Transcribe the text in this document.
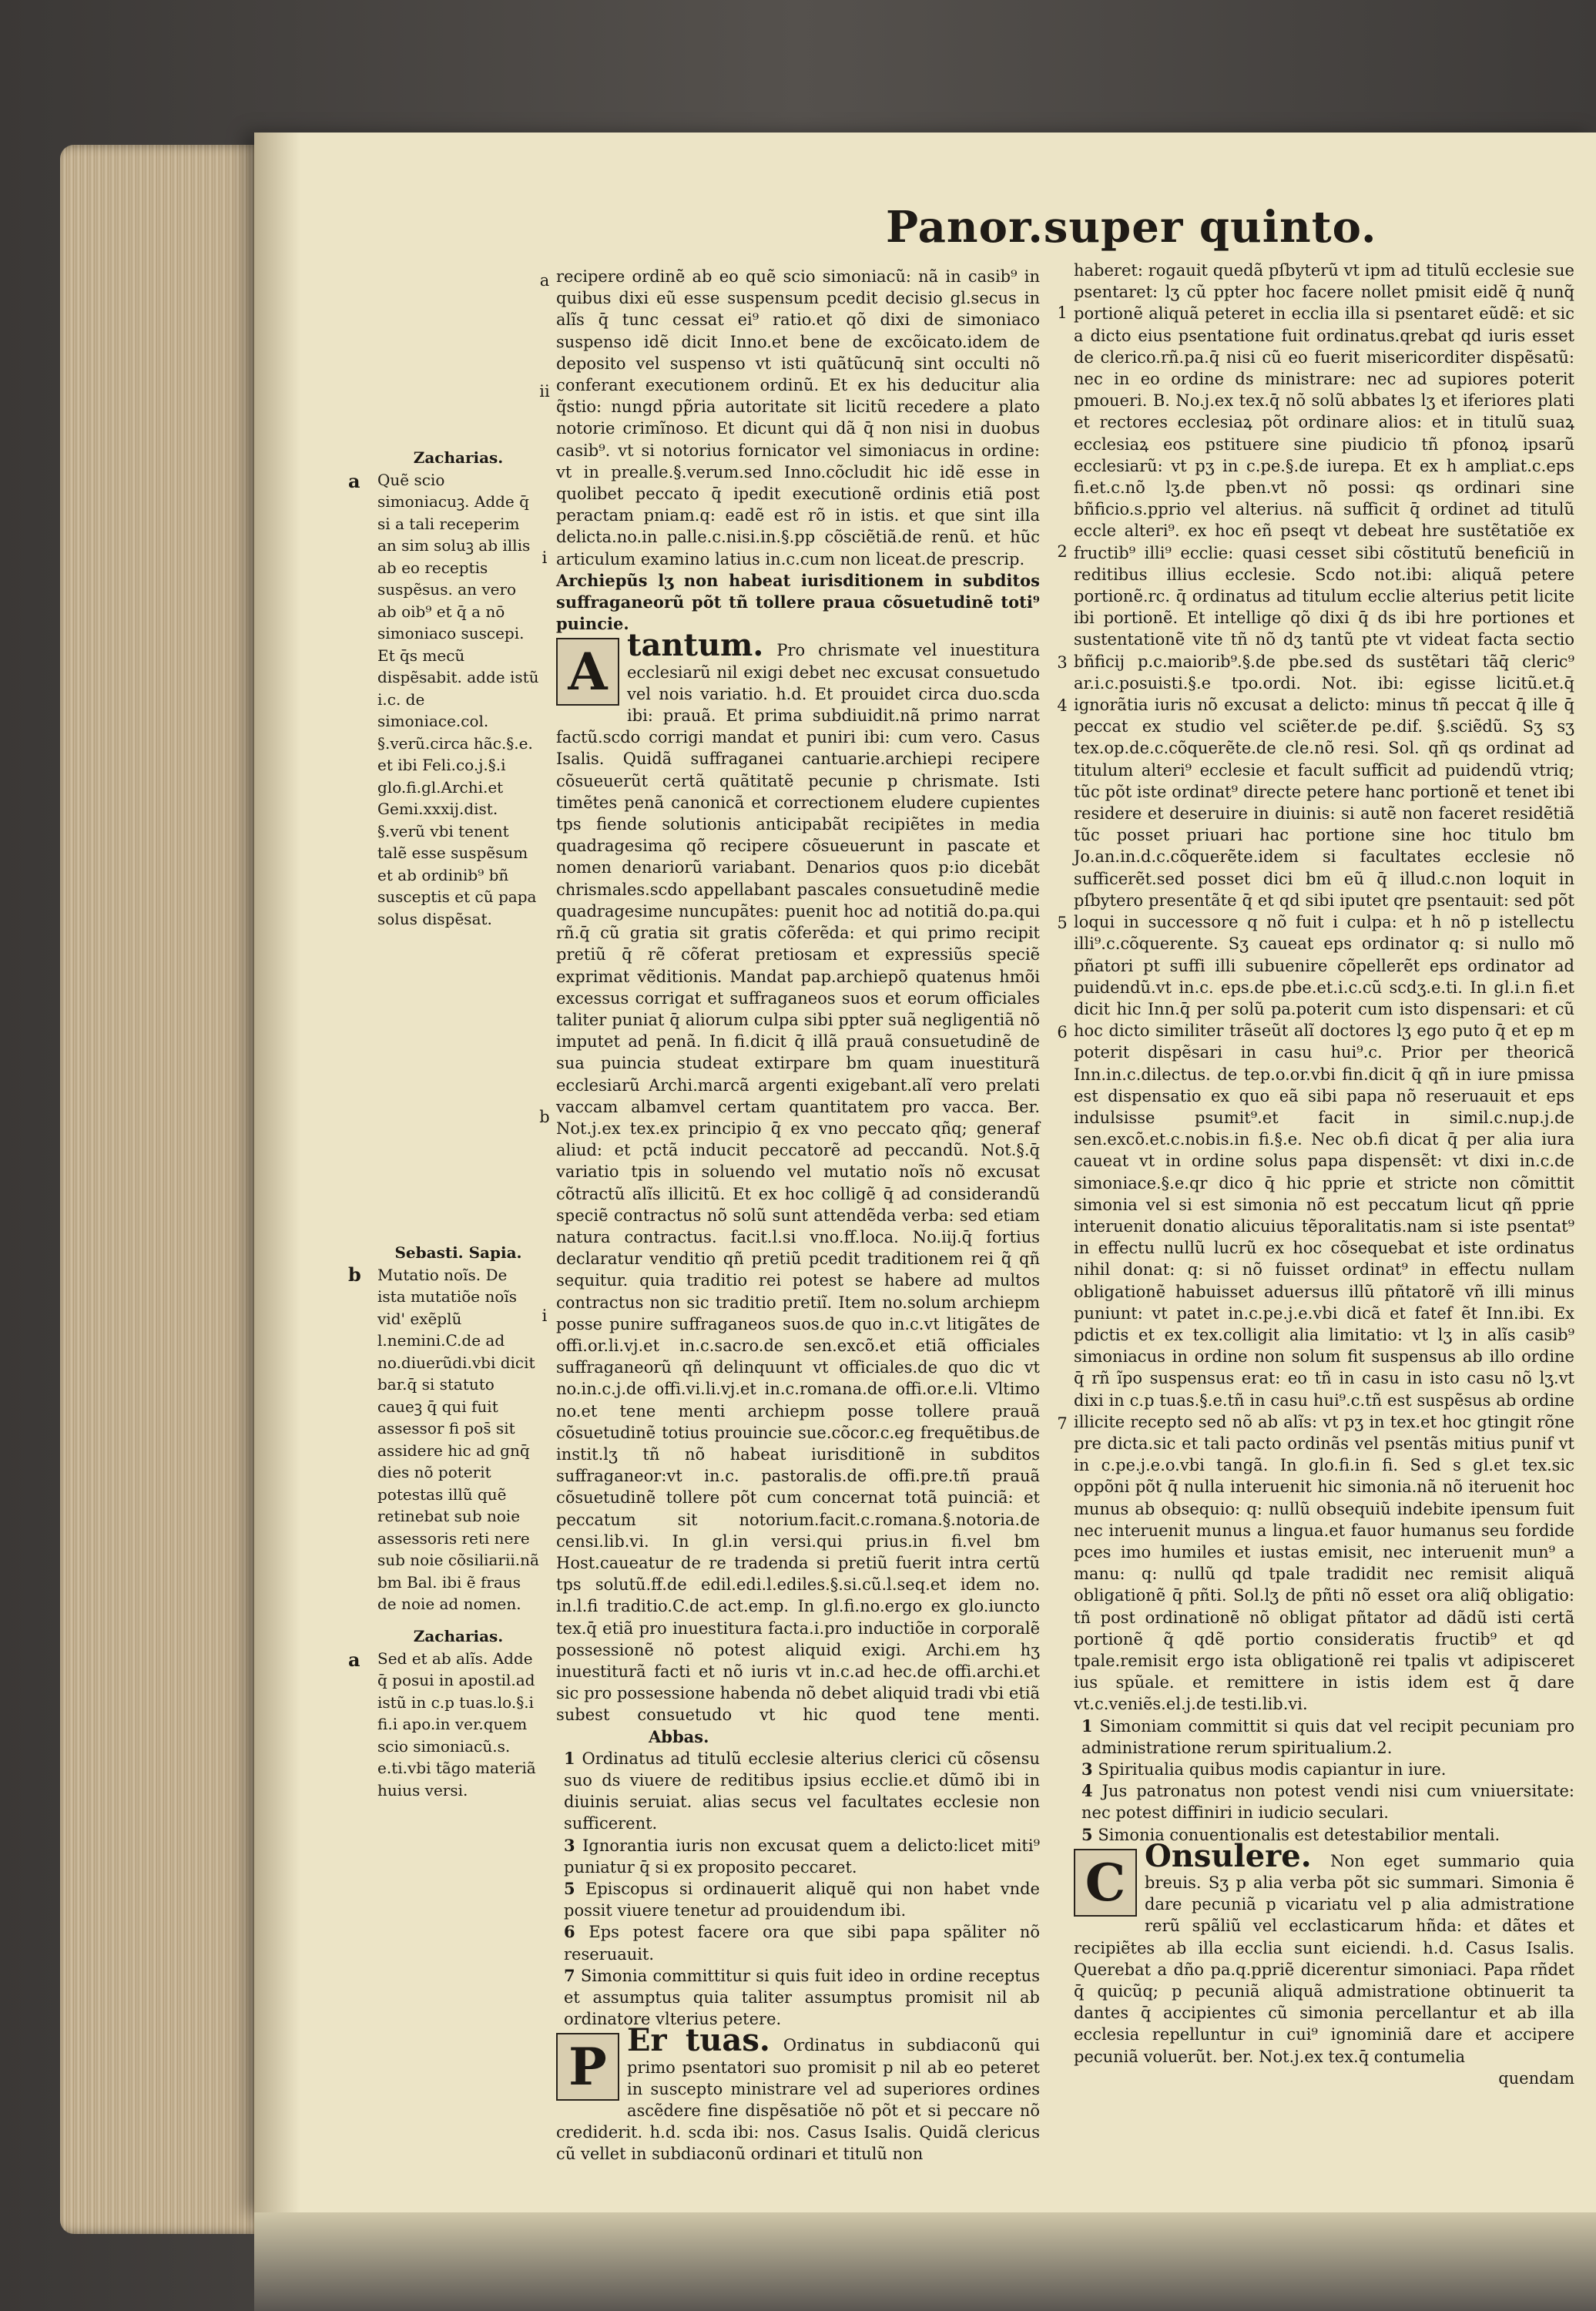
Panor.super quinto.
Zacharias.
Quẽ scio simoniacuꝫ. Adde q̄ si a tali receperim an sim soluꝫ ab illis ab eo receptis suspẽsus. an vero ab oib⁹ et q̄ a nō simoniaco suscepi. Et q̄s mecũ dispẽsabit. adde istũ i.c. de simoniace.col. §.verũ.circa hãc.§.e. et ibi Feli.co.j.§.i glo.fi.gl.Archi.et Gemi.xxxij.dist. §.verũ vbi tenent talẽ esse suspẽsum et ab ordinib⁹ bñ susceptis et cũ papa solus dispẽsat.
a
Sebasti. Sapia.
Mutatio noĩs. De ista mutatiõe noĩs vid' exẽplũ l.nemini.C.de ad no.diuerũdi.vbi dicit bar.q̄ si statuto caueꝫ q̄ qui fuit assessor fi pos̄ sit assidere hic ad gnq̄ dies nõ poterit potestas illũ quẽ retinebat sub noie assessoris reti nere sub noie cõsiliarii.nã bm Bal. ibi ẽ fraus de noie ad nomen.
b
Zacharias.
Sed et ab alĩs. Adde q̄ posui in apostil.ad istũ in c.p tuas.lo.§.i fi.i apo.in ver.quem scio simoniacũ.s. e.ti.vbi tãgo materiã huius versi.
a
a
ii
i
b
i

recipere ordinẽ ab eo quẽ scio simoniacũ: nã in casib⁹ in quibus dixi eũ esse suspensum pcedit decisio gl.secus in alĩs q̄ tunc cessat ei⁹ ratio.et qõ dixi de simoniaco suspenso idẽ dicit Inno.et bene de excõicato.idem de deposito vel suspenso vt isti quãtũcunq̄ sint occulti nõ conferant executionem ordinũ. Et ex his deducitur alia q̃stio: nungd pp̃ria autoritate sit licitũ recedere a plato notorie crimĩnoso. Et dicunt qui dã q̄ non nisi in duobus casib⁹. vt si notorius fornicator vel simoniacus in ordine: vt in prealle.§.verum.sed Inno.cõcludit hic idẽ esse in quolibet peccato q̄ ipedit executionẽ ordinis etiã post peractam pniam.q: eadẽ est rõ in istis. et que sint illa delicta.no.in palle.c.nisi.in.§.pp cõsciẽtiã.de renũ. et hũc articulum examino latius in.c.cum non liceat.de prescrip.

Archiepũs lʒ non habeat iurisditionem in subditos suffraganeorũ põt tñ tollere praua cõsuetudinẽ toti⁹ puincie.

A tantum. Pro chrismate vel inuestitura ecclesiarũ nil exigi debet nec excusat consuetudo vel nois variatio. h.d. Et prouidet circa duo.scda ibi: prauã. Et prima subdiuidit.nã primo narrat factũ.scdo corrigi mandat et puniri ibi: cum vero. Casus Isalis. Quidã suffraganei cantuarie.archiepi recipere cõsueuerũt certã quãtitatẽ pecunie p chrismate. Isti timẽtes penã canonicã et correctionem eludere cupientes tps fiende solutionis anticipabãt recipiẽtes in media quadragesima qõ recipere cõsueuerunt in pascate et nomen denariorũ variabant. Denarios quos p:io dicebãt chrismales.scdo appellabant pascales consuetudinẽ medie quadragesime nuncupãtes: puenit hoc ad notitiã do.pa.qui rñ.q̄ cũ gratia sit gratis cõferẽda: et qui primo recipit pretiũ q̄ rẽ cõferat pretiosam et expressiũs speciẽ exprimat vẽditionis. Mandat pap.archiepõ quatenus hmõi excessus corrigat et suffraganeos suos et eorum officiales taliter puniat q̄ aliorum culpa sibi ppter suã negligentiã nõ imputet ad penã. In fi.dicit q̄ illã prauã consuetudinẽ de sua puincia studeat extirpare bm quam inuestiturã ecclesiarũ Archi.marcã argenti exigebant.alĩ vero prelati vaccam albamvel certam quantitatem pro vacca. Ber. Not.j.ex tex.ex principio q̄ ex vno peccato qñq; generaf aliud: et pctã inducit peccatorẽ ad peccandũ. Not.§.q̄ variatio tpis in soluendo vel mutatio noĩs nõ excusat cõtractũ alĩs illicitũ. Et ex hoc colligẽ q̄ ad considerandũ speciẽ contractus nõ solũ sunt attendẽda verba: sed etiam natura contractus. facit.l.si vno.ff.loca. No.iij.q̄ fortius declaratur venditio qñ pretiũ pcedit traditionem rei q̃ qñ sequitur. quia traditio rei potest se habere ad multos contractus non sic traditio pretiĩ. Item no.solum archiepm posse punire suffraganeos suos.de quo in.c.vt litigãtes de offi.or.li.vj.et in.c.sacro.de sen.excõ.et etiã officiales suffraganeorũ qñ delinquunt vt officiales.de quo dic vt no.in.c.j.de offi.vi.li.vj.et in.c.romana.de offi.or.e.li. Vltimo no.et tene menti archiepm posse tollere prauã cõsuetudinẽ totius prouincie sue.cõcor.c.eg frequẽtibus.de instit.lʒ tñ nõ habeat iurisditionẽ in subditos suffraganeor:vt in.c. pastoralis.de offi.pre.tñ prauã cõsuetudinẽ tollere põt cum concernat totã puinciã: et peccatum sit notorium.facit.c.romana.§.notoria.de censi.lib.vi. In gl.in versi.qui prius.in fi.vel bm Host.caueatur de re tradenda si pretiũ fuerit intra certũ tps solutũ.ff.de edil.edi.l.ediles.§.si.cũ.l.seq.et idem no. in.l.fi traditio.C.de act.emp. In gl.fi.no.ergo ex glo.iuncto tex.q̄ etiã pro inuestitura facta.i.pro inductiõe in corporalẽ possessionẽ nõ potest aliquid exigi. Archi.em hʒ inuestiturã facti et nõ iuris vt in.c.ad hec.de offi.archi.et sic pro possessione habenda nõ debet aliquid tradi vbi etiã subest consuetudo vt hic quod tene menti. Abbas.

1 Ordinatus ad titulũ ecclesie alterius clerici cũ cõsensu suo ds viuere de reditibus ipsius ecclie.et dũmõ ibi in diuinis seruiat. alias secus vel facultates ecclesie non sufficerent.

3 Ignorantia iuris non excusat quem a delicto:licet miti⁹ puniatur q̄ si ex proposito peccaret.

5 Episcopus si ordinauerit aliquẽ qui non habet vnde possit viuere tenetur ad prouidendum ibi.

6 Eps potest facere ora que sibi papa spãliter nõ reseruauit.

7 Simonia committitur si quis fuit ideo in ordine receptus et assumptus quia taliter assumptus promisit nil ab ordinatore vlterius petere.

P Er tuas. Ordinatus in subdiaconũ qui primo psentatori suo promisit p nil ab eo peteret in suscepto ministrare vel ad superiores ordines ascẽdere fine dispẽsatiõe nõ põt et si peccare nõ crediderit. h.d. scda ibi: nos. Casus Isalis. Quidã clericus cũ vellet in subdiaconũ ordinari et titulũ non

1
2
3
4
5
6
7

haberet: rogauit quedã pſbyterũ vt ipm ad titulũ ecclesie sue psentaret: lʒ cũ ppter hoc facere nollet pmisit eidẽ q̄ nunq̃ portionẽ aliquã peteret in ecclia illa si psentaret eũdẽ: et sic a dicto eius psentatione fuit ordinatus.qrebat qd iuris esset de clerico.rñ.pa.q̄ nisi cũ eo fuerit misericorditer dispẽsatũ: nec in eo ordine ds ministrare: nec ad supiores poterit pmoueri. B. No.j.ex tex.q̄ nõ solũ abbates lʒ et iferiores plati et rectores ecclesiaꝝ põt ordinare alios: et in titulũ suaꝝ ecclesiaꝝ eos pstituere sine piudicio tñ pfonoꝝ ipsarũ ecclesiarũ: vt pʒ in c.pe.§.de iurepa. Et ex h ampliat.c.eps fi.et.c.nõ lʒ.de pben.vt nõ possi: qs ordinari sine bñficio.s.pprio vel alterius. nã sufficit q̄ ordinet ad titulũ eccle alteri⁹. ex hoc eñ pseqt vt debeat hre sustẽtatiõe ex fructib⁹ illi⁹ ecclie: quasi cesset sibi cõstitutũ beneficiũ in reditibus illius ecclesie. Scdo not.ibi: aliquã petere portionẽ.rc. q̄ ordinatus ad titulum ecclie alterius petit licite ibi portionẽ. Et intellige qõ dixi q̄ ds ibi hre portiones et sustentationẽ vite tñ nõ dʒ tantũ pte vt videat facta sectio bñficij p.c.maiorib⁹.§.de pbe.sed ds sustẽtari tãq̄ cleric⁹ ar.i.c.posuisti.§.e tpo.ordi. Not. ibi: egisse licitũ.et.q̄ ignorãtia iuris nõ excusat a delicto: minus tñ peccat q̄ ille q̄ peccat ex studio vel sciẽter.de pe.dif. §.sciẽdũ. Sʒ sʒ tex.op.de.c.cõquerẽte.de cle.nõ resi. Sol. qñ qs ordinat ad titulum alteri⁹ ecclesie et facult sufficit ad puidendũ vtriq; tũc põt iste ordinat⁹ directe petere hanc portionẽ et tenet ibi residere et deseruire in diuinis: si autẽ non faceret residẽtiã tũc posset priuari hac portione sine hoc titulo bm Jo.an.in.d.c.cõquerẽte.idem si facultates ecclesie nõ sufficerẽt.sed posset dici bm eũ q̄ illud.c.non loquit in pſbytero presentãte q̄ et qd sibi iputet qre psentauit: sed põt loqui in successore q nõ fuit i culpa: et h nõ p istellectu illi⁹.c.cõquerente. Sʒ caueat eps ordinator q: si nullo mõ pñatori pt suffi illi subuenire cõpellerẽt eps ordinator ad puidendũ.vt in.c. eps.de pbe.et.i.c.cũ scdʒ.e.ti. In gl.i.n fi.et dicit hic Inn.q̄ per solũ pa.poterit cum isto dispensari: et cũ hoc dicto similiter trãseũt alĩ doctores lʒ ego puto q̄ et ep m poterit dispẽsari in casu hui⁹.c. Prior per theoricã Inn.in.c.dilectus. de tep.o.or.vbi fin.dicit q̄ qñ in iure pmissa est dispensatio ex quo eã sibi papa nõ reseruauit et eps indulsisse psumit⁹.et facit in simil.c.nup.j.de sen.excõ.et.c.nobis.in fi.§.e. Nec ob.fi dicat q̄ per alia iura caueat vt in ordine solus papa dispensẽt: vt dixi in.c.de simoniace.§.e.qr dico q̄ hic pprie et stricte non cõmittit simonia vel si est simonia nõ est peccatum licut qñ pprie interuenit donatio alicuius tẽporalitatis.nam si iste psentat⁹ in effectu nullũ lucrũ ex hoc cõsequebat et iste ordinatus nihil donat: q: si nõ fuisset ordinat⁹ in effectu nullam obligationẽ habuisset aduersus illũ pñtatorẽ vñ illi minus puniunt: vt patet in.c.pe.j.e.vbi dicã et fatef ẽt Inn.ibi. Ex pdictis et ex tex.colligit alia limitatio: vt lʒ in alĩs casib⁹ simoniacus in ordine non solum fit suspensus ab illo ordine q̄ rñ ĩpo suspensus erat: eo tñ in casu in isto casu nõ lʒ.vt dixi in c.p tuas.§.e.tñ in casu hui⁹.c.tñ est suspẽsus ab ordine illicite recepto sed nõ ab alĩs: vt pʒ in tex.et hoc gtingit rõne pre dicta.sic et tali pacto ordinãs vel psentãs mitius punif vt in c.pe.j.e.o.vbi tangã. In glo.fi.in fi. Sed s gl.et tex.sic oppõni põt q̄ nulla interuenit hic simonia.nã nõ iteruenit hoc munus ab obsequio: q: nullũ obsequiũ indebite ipensum fuit nec interuenit munus a lingua.et fauor humanus seu fordide pces imo humiles et iustas emisit, nec interuenit mun⁹ a manu: q: nullũ qd tpale tradidit nec remisit aliquã obligationẽ q̄ pñti. Sol.lʒ de pñti nõ esset ora aliq̃ obligatio: tñ post ordinationẽ nõ obligat pñtator ad dãdũ isti certã portionẽ q̃ qdẽ portio consideratis fructib⁹ et qd tpale.remisit ergo ista obligationẽ rei tpalis vt adipisceret ius spũale. et remittere in istis idem est q̄ dare vt.c.veniẽs.el.j.de testi.lib.vi.

1 Simoniam committit si quis dat vel recipit pecuniam pro administratione rerum spiritualium.2.

3 Spiritualia quibus modis capiantur in iure.

4 Jus patronatus non potest vendi nisi cum vniuersitate: nec potest diffiniri in iudicio seculari.

5 Simonia conuentionalis est detestabilior mentali.

C Onsulere. Non eget summario quia breuis. Sʒ p alia verba põt sic summari. Simonia ẽ dare pecuniã p vicariatu vel p alia admistratione rerũ spãliũ vel ecclasticarum hñda: et dãtes et recipiẽtes ab illa ecclia sunt eiciendi. h.d. Casus Isalis. Querebat a dño pa.q.ppriẽ dicerentur simoniaci. Papa rñdet q̄ quicũq; p pecuniã aliquã admistratione obtinuerit ta dantes q̄ accipientes cũ simonia percellantur et ab illa ecclesia repelluntur in cui⁹ ignominiã dare et accipere pecuniã voluerũt. ber. Not.j.ex tex.q̄ contumelia

quendam
